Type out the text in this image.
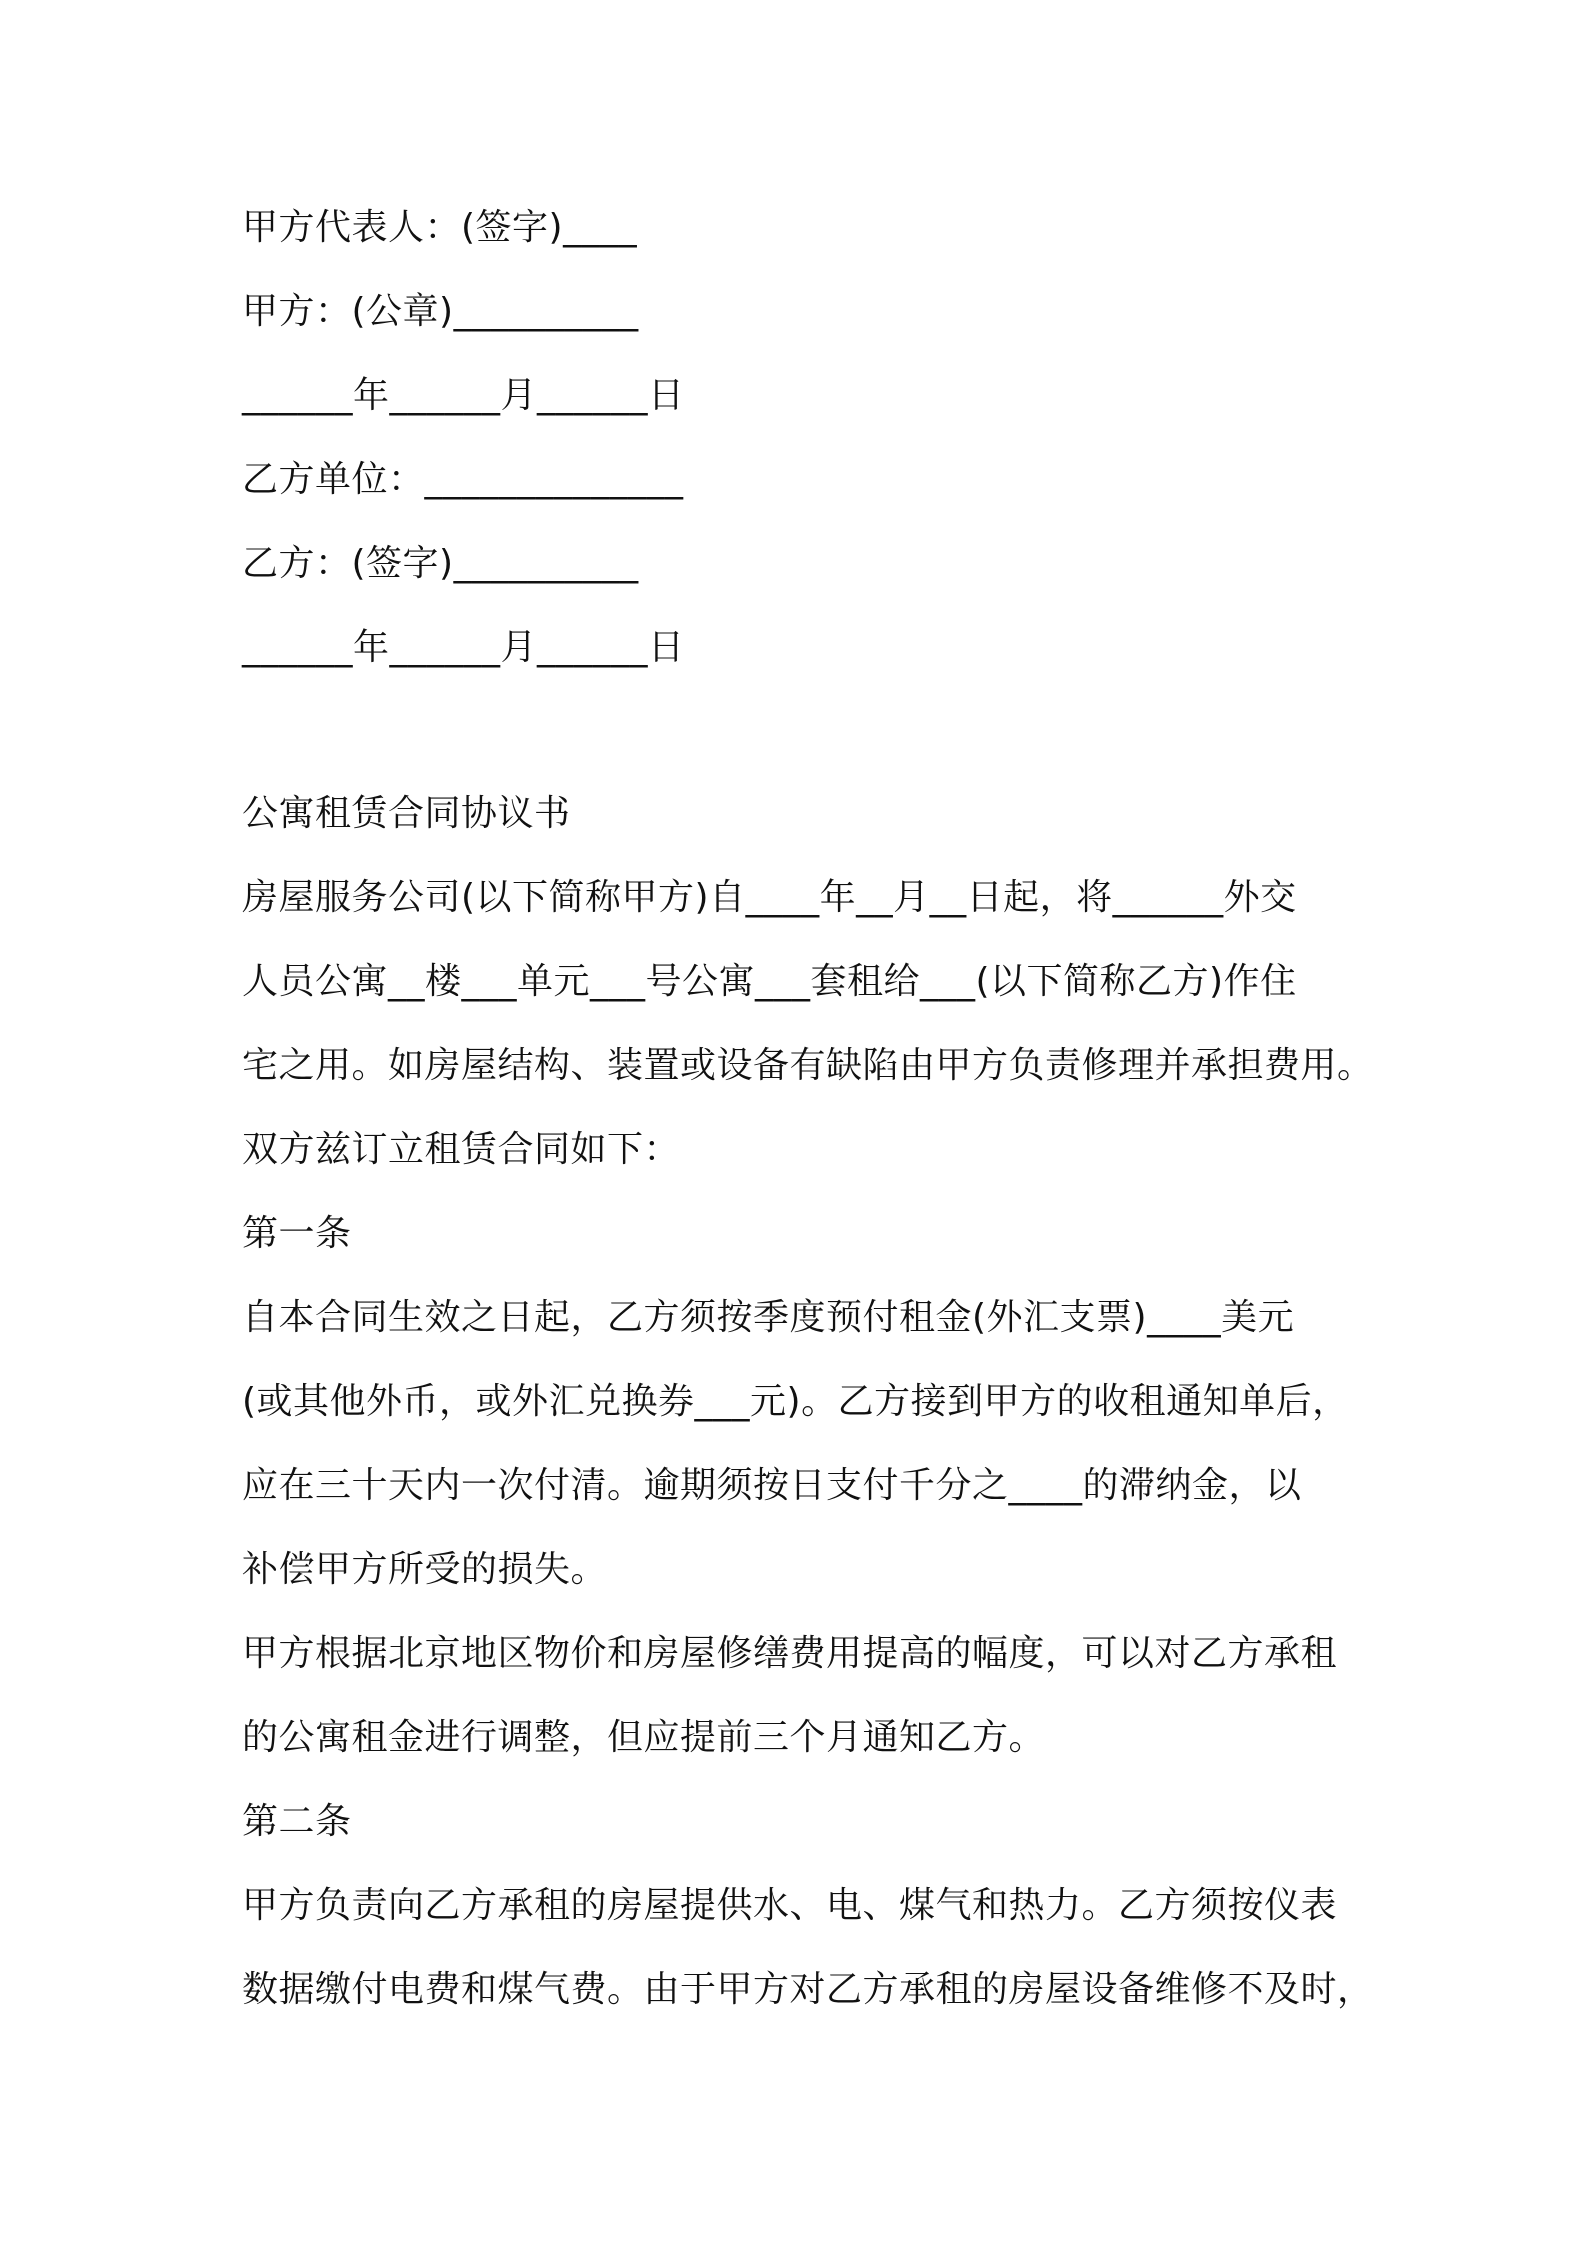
甲方代表人：(签字)____
甲方：(公章)__________
______年______月______日
乙方单位：______________
乙方：(签字)__________
______年______月______日
公寓租赁合同协议书
房屋服务公司(以下简称甲方)自____年__月__日起，将______外交
人员公寓__楼___单元___号公寓___套租给___(以下简称乙方)作住
宅之用。如房屋结构、装置或设备有缺陷由甲方负责修理并承担费用。
双方兹订立租赁合同如下：
第一条
自本合同生效之日起，乙方须按季度预付租金(外汇支票)____美元
(或其他外币，或外汇兑换券___元)。乙方接到甲方的收租通知单后，
应在三十天内一次付清。逾期须按日支付千分之____的滞纳金，以
补偿甲方所受的损失。
甲方根据北京地区物价和房屋修缮费用提高的幅度，可以对乙方承租
的公寓租金进行调整，但应提前三个月通知乙方。
第二条
甲方负责向乙方承租的房屋提供水、电、煤气和热力。乙方须按仪表
数据缴付电费和煤气费。由于甲方对乙方承租的房屋设备维修不及时，
